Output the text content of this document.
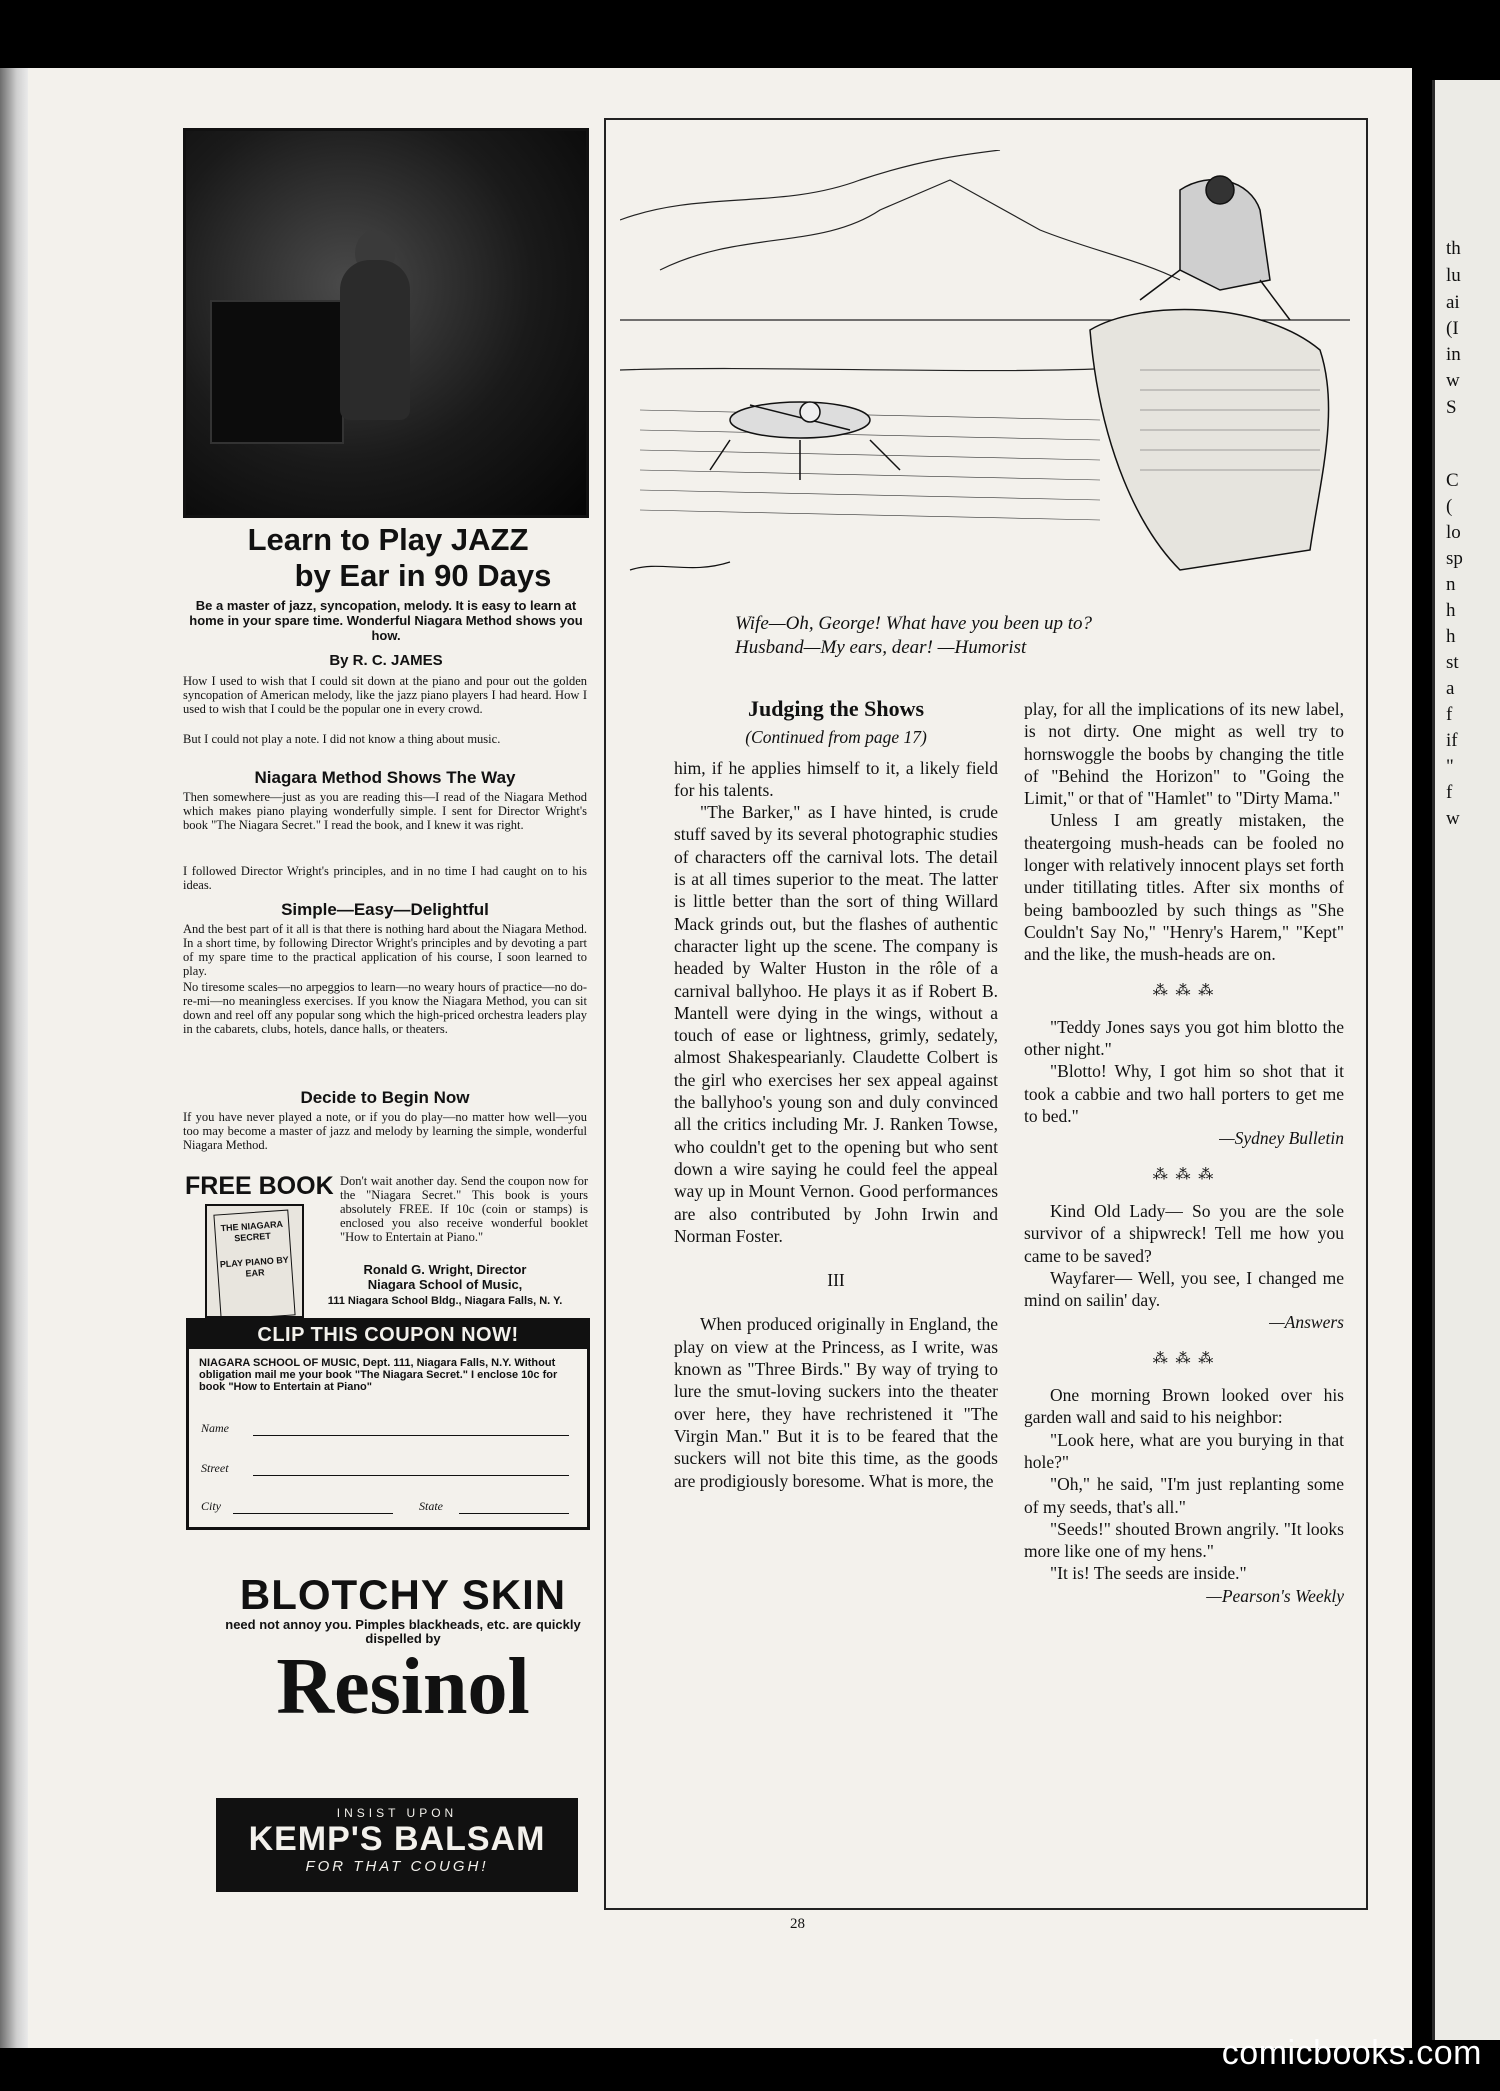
th
lu
ai
(I
in
w
S
C
(
lo
sp
n
h
h
st
a
f
if
"
f
w
Learn to Play JAZZ
by Ear in 90 Days
Be a master of jazz, syncopation, melody. It is easy to learn at home in your spare time. Wonderful Niagara Method shows you how.
By R. C. JAMES
How I used to wish that I could sit down at the piano and pour out the golden syncopation of American melody, like the jazz piano players I had heard. How I used to wish that I could be the popular one in every crowd.
But I could not play a note. I did not know a thing about music.
Niagara Method Shows The Way
Then somewhere—just as you are reading this—I read of the Niagara Method which makes piano playing wonderfully simple. I sent for Director Wright's book "The Niagara Secret." I read the book, and I knew it was right.
I followed Director Wright's principles, and in no time I had caught on to his ideas.
Simple—Easy—Delightful
And the best part of it all is that there is nothing hard about the Niagara Method. In a short time, by following Director Wright's principles and by devoting a part of my spare time to the practical application of his course, I soon learned to play.
No tiresome scales—no arpeggios to learn—no weary hours of practice—no do-re-mi—no meaningless exercises. If you know the Niagara Method, you can sit down and reel off any popular song which the high-priced orchestra leaders play in the cabarets, clubs, hotels, dance halls, or theaters.
Decide to Begin Now
If you have never played a note, or if you do play—no matter how well—you too may become a master of jazz and melody by learning the simple, wonderful Niagara Method.
FREE BOOK
THE NIAGARA SECRET
PLAY PIANO BY EAR
Don't wait another day. Send the coupon now for the "Niagara Secret." This book is yours absolutely FREE. If 10c (coin or stamps) is enclosed you also receive wonderful booklet "How to Entertain at Piano."
Ronald G. Wright, Director
Niagara School of Music,
111 Niagara School Bldg., Niagara Falls, N. Y.
CLIP THIS COUPON NOW!
NIAGARA SCHOOL OF MUSIC, Dept. 111, Niagara Falls, N.Y. Without obligation mail me your book "The Niagara Secret." I enclose 10c for book "How to Entertain at Piano"
Name
Street
City	State
BLOTCHY SKIN
need not annoy you. Pimples blackheads, etc. are quickly dispelled by
Resinol
INSIST UPON
KEMP'S BALSAM
FOR THAT COUGH!
Wife—Oh, George! What have you been up to?
Husband—My ears, dear! —Humorist
Judging the Shows

(Continued from page 17)

him, if he applies himself to it, a likely field for his talents.

"The Barker," as I have hinted, is crude stuff saved by its several photographic studies of characters off the carnival lots. The detail is at all times superior to the meat. The latter is little better than the sort of thing Willard Mack grinds out, but the flashes of authentic character light up the scene. The company is headed by Walter Huston in the rôle of a carnival ballyhoo. He plays it as if Robert B. Mantell were dying in the wings, without a touch of ease or lightness, grimly, sedately, almost Shakespearianly. Claudette Colbert is the girl who exercises her sex appeal against the ballyhoo's young son and duly convinced all the critics including Mr. J. Ranken Towse, who couldn't get to the opening but who sent down a wire saying he could feel the appeal way up in Mount Vernon. Good performances are also contributed by John Irwin and Norman Foster.

III

When produced originally in England, the play on view at the Princess, as I write, was known as "Three Birds." By way of trying to lure the smut-loving suckers into the theater over here, they have rechristened it "The Virgin Man." But it is to be feared that the suckers will not bite this time, as the goods are prodigiously boresome. What is more, the

play, for all the implications of its new label, is not dirty. One might as well try to hornswoggle the boobs by changing the title of "Behind the Horizon" to "Going the Limit," or that of "Hamlet" to "Dirty Mama."

Unless I am greatly mistaken, the theatergoing mush-heads can be fooled no longer with relatively innocent plays set forth under titillating titles. After six months of being bamboozled by such things as "She Couldn't Say No," "Henry's Harem," "Kept" and the like, the mush-heads are on.

⁂ ⁂ ⁂

"Teddy Jones says you got him blotto the other night."

"Blotto! Why, I got him so shot that it took a cabbie and two hall porters to get me to bed."

—Sydney Bulletin

⁂ ⁂ ⁂

Kind Old Lady— So you are the sole survivor of a shipwreck! Tell me how you came to be saved?

Wayfarer— Well, you see, I changed me mind on sailin' day.

—Answers

⁂ ⁂ ⁂

One morning Brown looked over his garden wall and said to his neighbor:

"Look here, what are you burying in that hole?"

"Oh," he said, "I'm just replanting some of my seeds, that's all."

"Seeds!" shouted Brown angrily. "It looks more like one of my hens."

"It is! The seeds are inside."

—Pearson's Weekly

28
comicbooks.com
